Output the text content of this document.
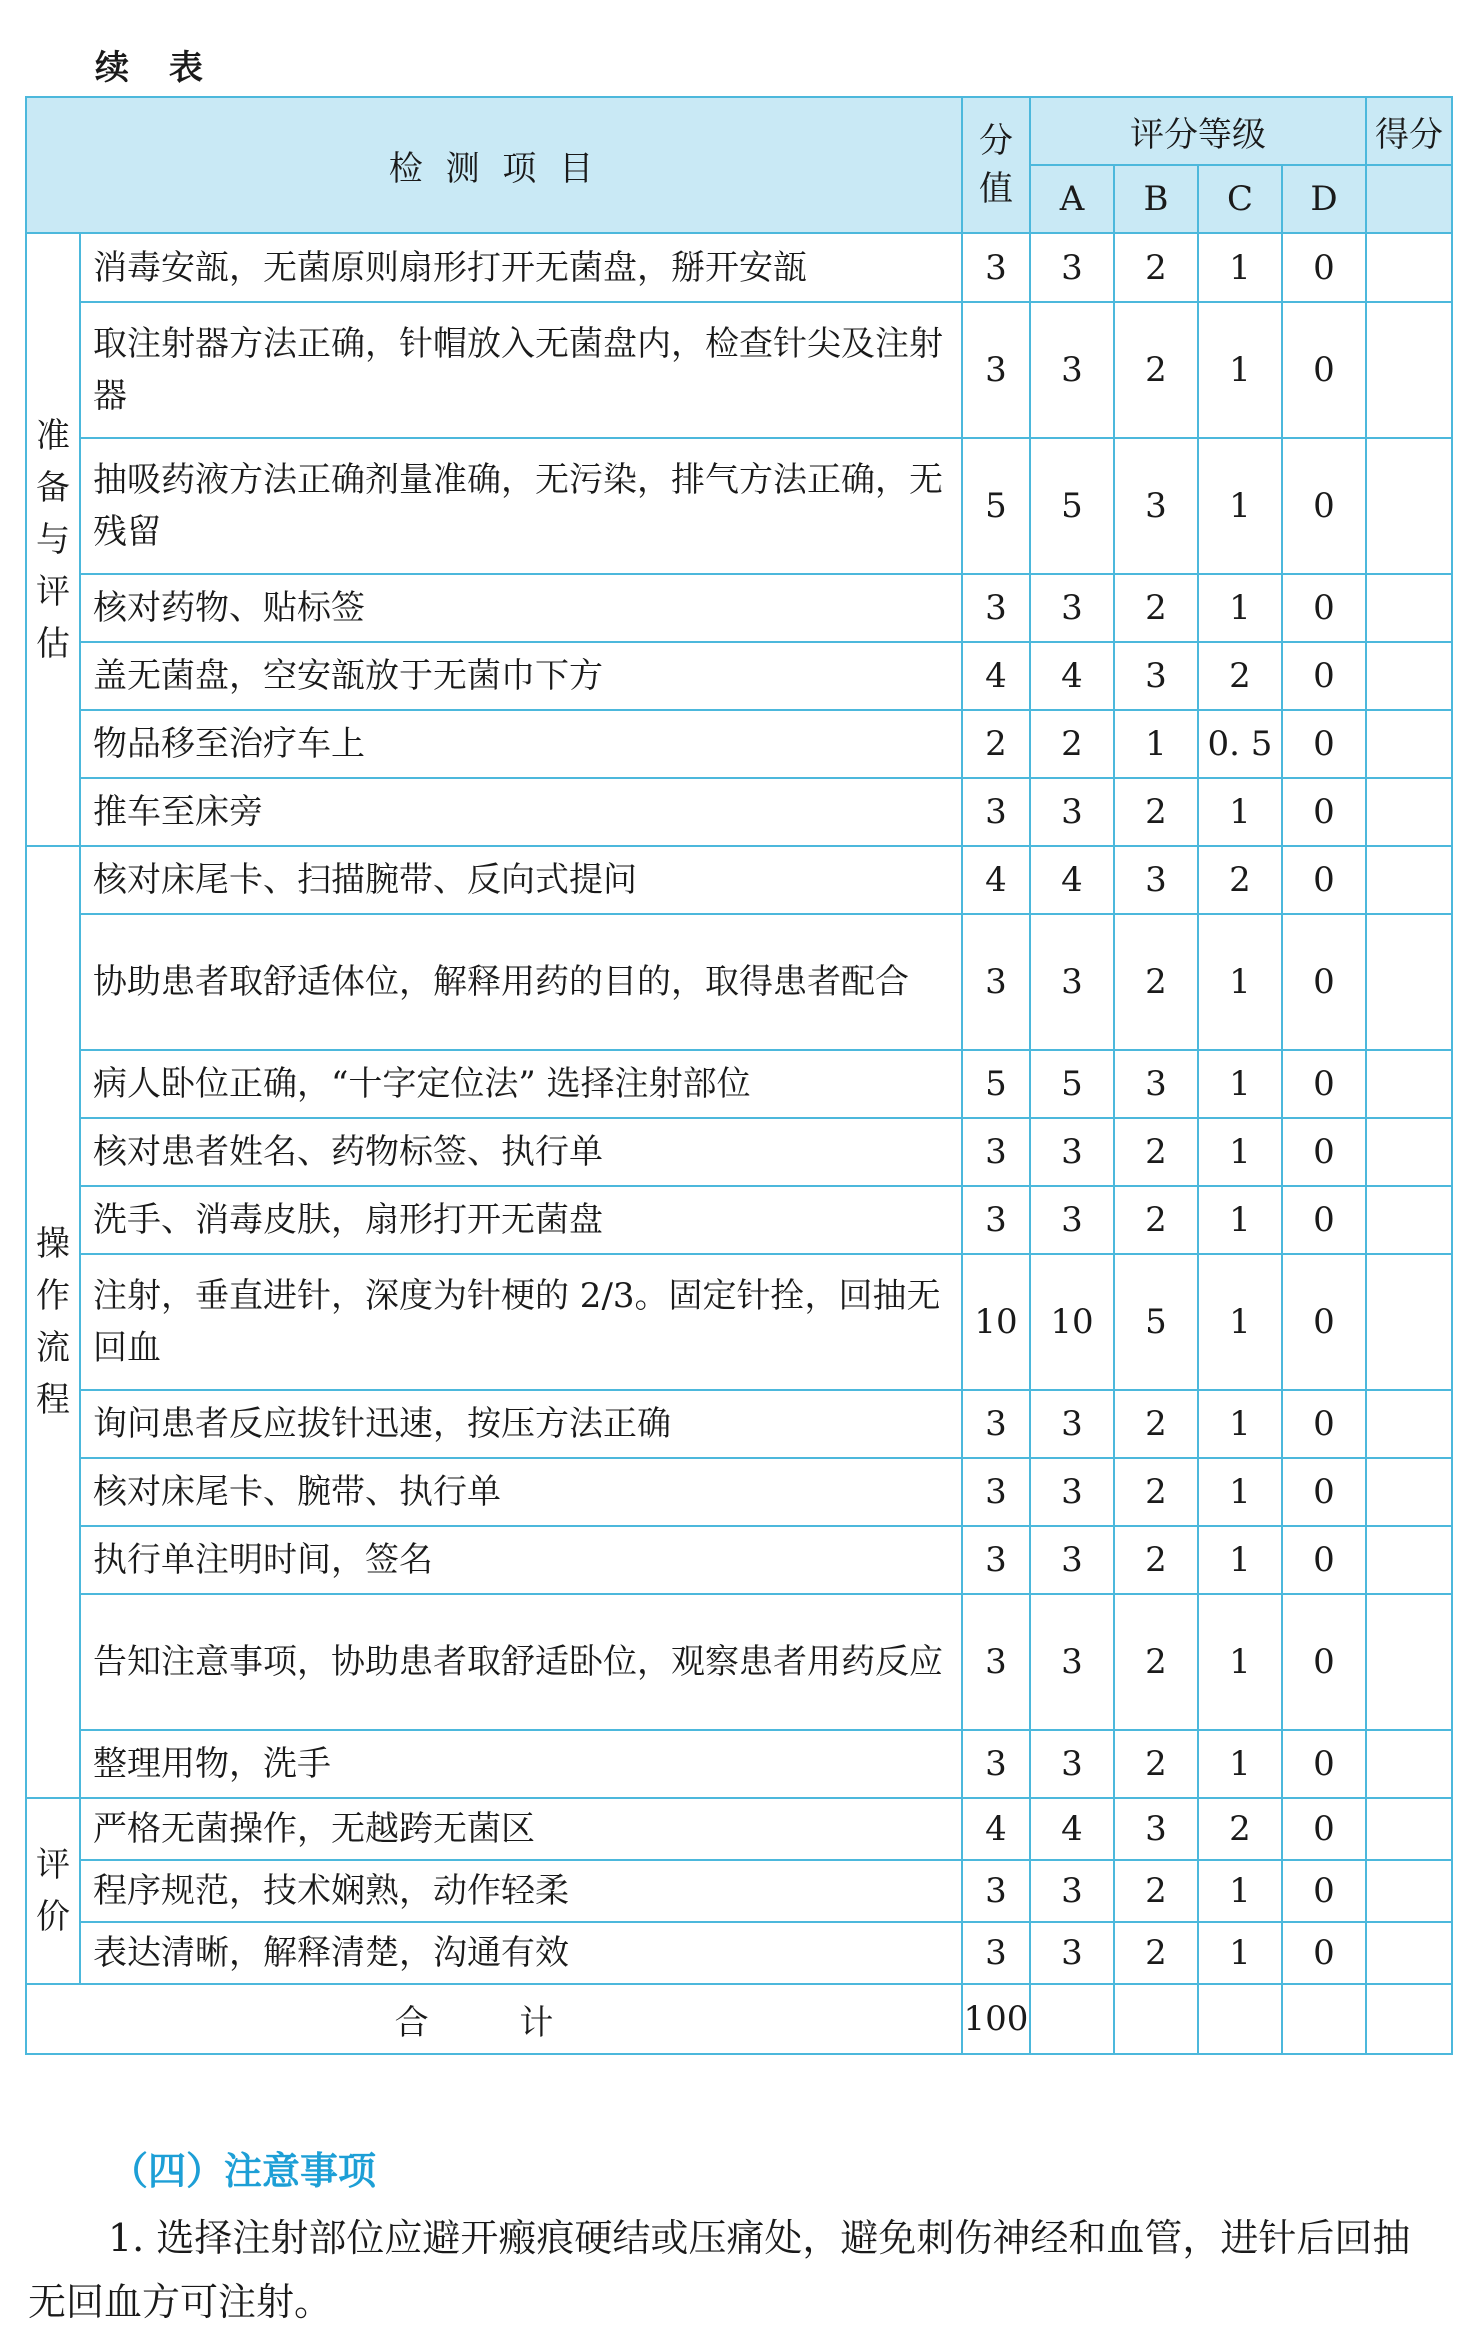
续 表
检 测 项 目		分值	评分等级				得分
			A	B	C	D	
准备与评估	消毒安瓿，无菌原则扇形打开无菌盘，掰开安瓿	3	3	2	1	0	
	取注射器方法正确，针帽放入无菌盘内，检查针尖及注射器	3	3	2	1	0	
	抽吸药液方法正确剂量准确，无污染，排气方法正确，无残留	5	5	3	1	0	
	核对药物、贴标签	3	3	2	1	0	
	盖无菌盘，空安瓿放于无菌巾下方	4	4	3	2	0	
	物品移至治疗车上	2	2	1	0. 5	0	
	推车至床旁	3	3	2	1	0	
操作流程	核对床尾卡、扫描腕带、反向式提问	4	4	3	2	0	
	协助患者取舒适体位，解释用药的目的，取得患者配合	3	3	2	1	0	
	病人卧位正确，“十字定位法” 选择注射部位	5	5	3	1	0	
	核对患者姓名、药物标签、执行单	3	3	2	1	0	
	洗手、消毒皮肤，扇形打开无菌盘	3	3	2	1	0	
	注射，垂直进针，深度为针梗的 2/3。固定针拴，回抽无回血	10	10	5	1	0	
	询问患者反应拔针迅速，按压方法正确	3	3	2	1	0	
	核对床尾卡、腕带、执行单	3	3	2	1	0	
	执行单注明时间，签名	3	3	2	1	0	
	告知注意事项，协助患者取舒适卧位，观察患者用药反应	3	3	2	1	0	
	整理用物，洗手	3	3	2	1	0	
评价	严格无菌操作，无越跨无菌区	4	4	3	2	0	
	程序规范，技术娴熟，动作轻柔	3	3	2	1	0	
	表达清晰，解释清楚，沟通有效	3	3	2	1	0	
合 计		100					
（四）注意事项
1. 选择注射部位应避开瘢痕硬结或压痛处，避免刺伤神经和血管，进针后回抽无回血方可注射。
